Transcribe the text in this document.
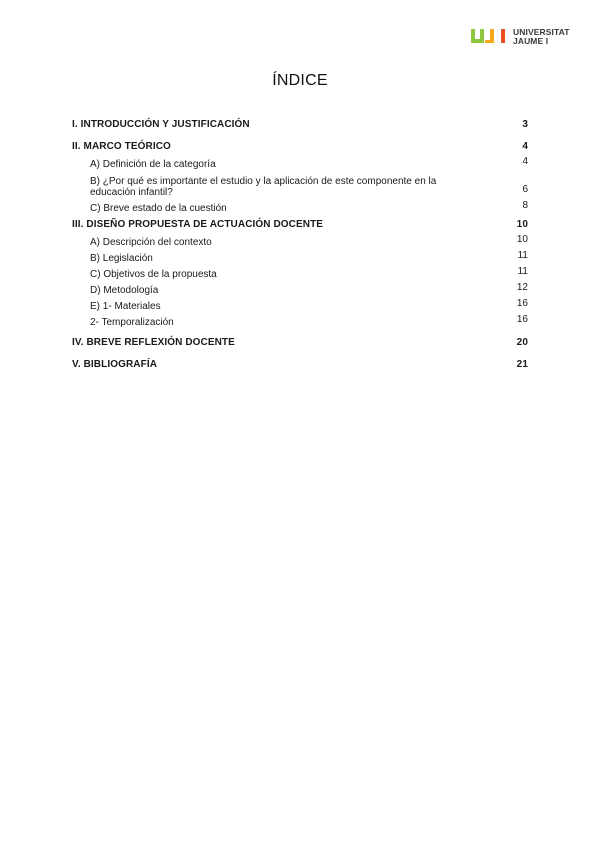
UNIVERSITAT
JAUME I
ÍNDICE
I. INTRODUCCIÓN Y JUSTIFICACIÓN	3
II. MARCO TEÓRICO	4
A) Definición de la categoría	4
B) ¿Por qué es importante el estudio y la aplicación de este componente en la educación infantil?	6
C) Breve estado de la cuestión	8
III. DISEÑO PROPUESTA DE ACTUACIÓN DOCENTE	10
A) Descripción del contexto	10
B) Legislación	11
C) Objetivos de la propuesta	11
D) Metodología	12
E) 1- Materiales	16
2- Temporalización	16
IV. BREVE REFLEXIÓN DOCENTE	20
V. BIBLIOGRAFÍA	21
